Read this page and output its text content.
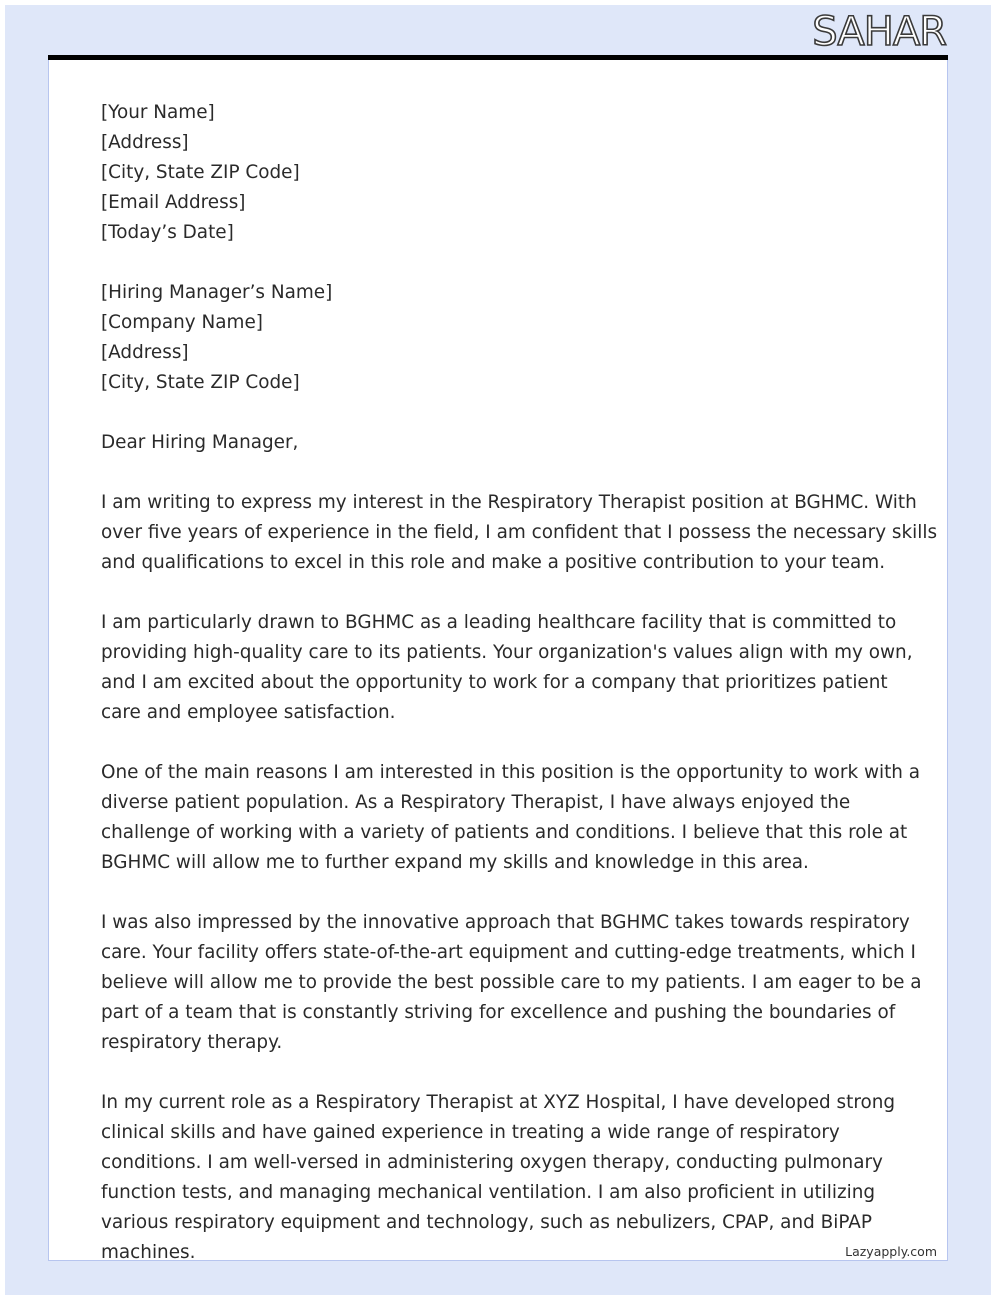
SAHAR
[Your Name]
[Address]
[City, State ZIP Code]
[Email Address]
[Today’s Date]
[Hiring Manager’s Name]
[Company Name]
[Address]
[City, State ZIP Code]
Dear Hiring Manager,
I am writing to express my interest in the Respiratory Therapist position at BGHMC. With
over five years of experience in the field, I am confident that I possess the necessary skills
and qualifications to excel in this role and make a positive contribution to your team.
I am particularly drawn to BGHMC as a leading healthcare facility that is committed to
providing high-quality care to its patients. Your organization's values align with my own,
and I am excited about the opportunity to work for a company that prioritizes patient
care and employee satisfaction.
One of the main reasons I am interested in this position is the opportunity to work with a
diverse patient population. As a Respiratory Therapist, I have always enjoyed the
challenge of working with a variety of patients and conditions. I believe that this role at
BGHMC will allow me to further expand my skills and knowledge in this area.
I was also impressed by the innovative approach that BGHMC takes towards respiratory
care. Your facility offers state-of-the-art equipment and cutting-edge treatments, which I
believe will allow me to provide the best possible care to my patients. I am eager to be a
part of a team that is constantly striving for excellence and pushing the boundaries of
respiratory therapy.
In my current role as a Respiratory Therapist at XYZ Hospital, I have developed strong
clinical skills and have gained experience in treating a wide range of respiratory
conditions. I am well-versed in administering oxygen therapy, conducting pulmonary
function tests, and managing mechanical ventilation. I am also proficient in utilizing
various respiratory equipment and technology, such as nebulizers, CPAP, and BiPAP
machines.	Lazyapply.com
